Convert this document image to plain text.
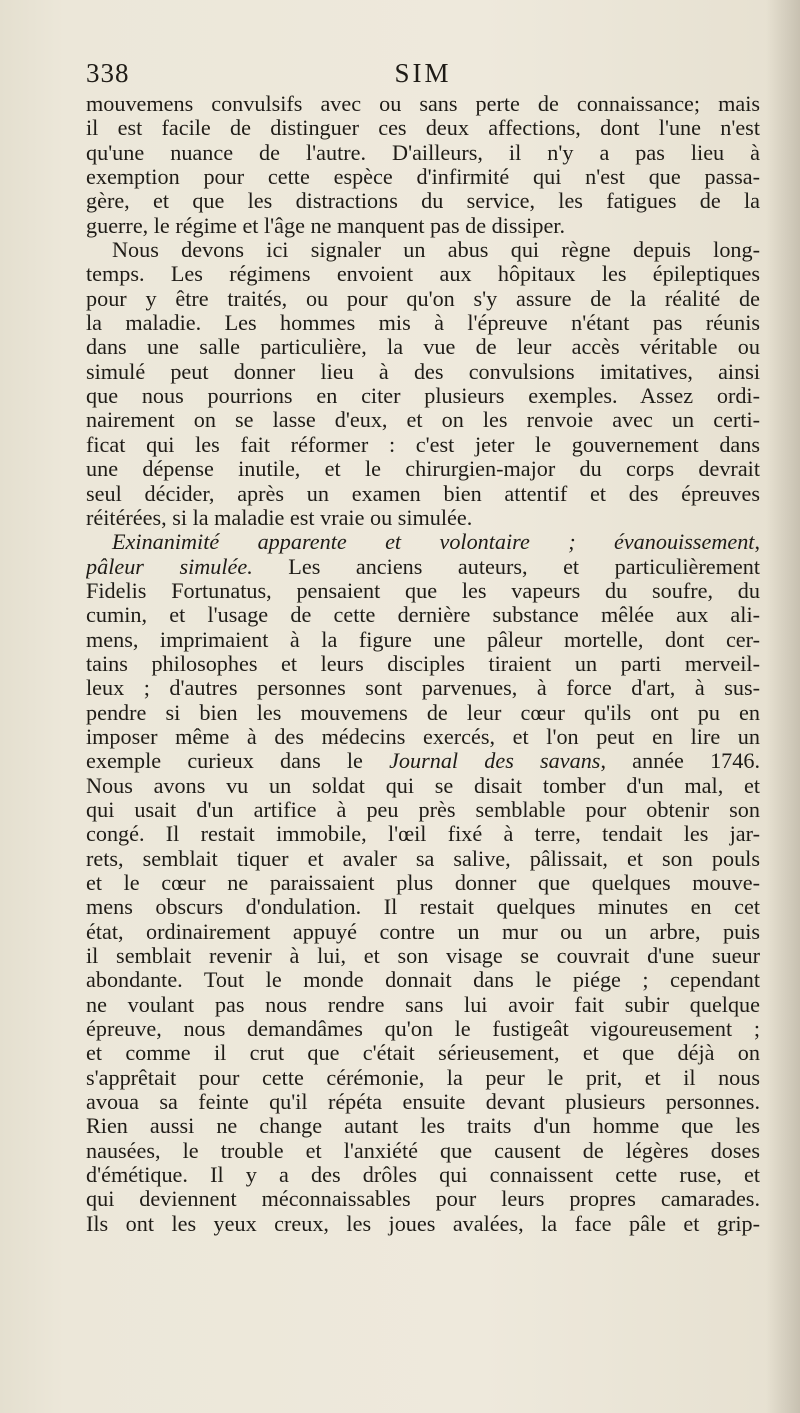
338	SIM
mouvemens convulsifs avec ou sans perte de connaissance; mais
il est facile de distinguer ces deux affections, dont l'une n'est
qu'une nuance de l'autre. D'ailleurs, il n'y a pas lieu à
exemption pour cette espèce d'infirmité qui n'est que passa-
gère, et que les distractions du service, les fatigues de la
guerre, le régime et l'âge ne manquent pas de dissiper.
Nous devons ici signaler un abus qui règne depuis long-
temps. Les régimens envoient aux hôpitaux les épileptiques
pour y être traités, ou pour qu'on s'y assure de la réalité de
la maladie. Les hommes mis à l'épreuve n'étant pas réunis
dans une salle particulière, la vue de leur accès véritable ou
simulé peut donner lieu à des convulsions imitatives, ainsi
que nous pourrions en citer plusieurs exemples. Assez ordi-
nairement on se lasse d'eux, et on les renvoie avec un certi-
ficat qui les fait réformer : c'est jeter le gouvernement dans
une dépense inutile, et le chirurgien-major du corps devrait
seul décider, après un examen bien attentif et des épreuves
réitérées, si la maladie est vraie ou simulée.
Exinanimité apparente et volontaire ; évanouissement,
pâleur simulée. Les anciens auteurs, et particulièrement
Fidelis Fortunatus, pensaient que les vapeurs du soufre, du
cumin, et l'usage de cette dernière substance mêlée aux ali-
mens, imprimaient à la figure une pâleur mortelle, dont cer-
tains philosophes et leurs disciples tiraient un parti merveil-
leux ; d'autres personnes sont parvenues, à force d'art, à sus-
pendre si bien les mouvemens de leur cœur qu'ils ont pu en
imposer même à des médecins exercés, et l'on peut en lire un
exemple curieux dans le Journal des savans, année 1746.
Nous avons vu un soldat qui se disait tomber d'un mal, et
qui usait d'un artifice à peu près semblable pour obtenir son
congé. Il restait immobile, l'œil fixé à terre, tendait les jar-
rets, semblait tiquer et avaler sa salive, pâlissait, et son pouls
et le cœur ne paraissaient plus donner que quelques mouve-
mens obscurs d'ondulation. Il restait quelques minutes en cet
état, ordinairement appuyé contre un mur ou un arbre, puis
il semblait revenir à lui, et son visage se couvrait d'une sueur
abondante. Tout le monde donnait dans le piége ; cependant
ne voulant pas nous rendre sans lui avoir fait subir quelque
épreuve, nous demandâmes qu'on le fustigeât vigoureusement ;
et comme il crut que c'était sérieusement, et que déjà on
s'apprêtait pour cette cérémonie, la peur le prit, et il nous
avoua sa feinte qu'il répéta ensuite devant plusieurs personnes.
Rien aussi ne change autant les traits d'un homme que les
nausées, le trouble et l'anxiété que causent de légères doses
d'émétique. Il y a des drôles qui connaissent cette ruse, et
qui deviennent méconnaissables pour leurs propres camarades.
Ils ont les yeux creux, les joues avalées, la face pâle et grip-
